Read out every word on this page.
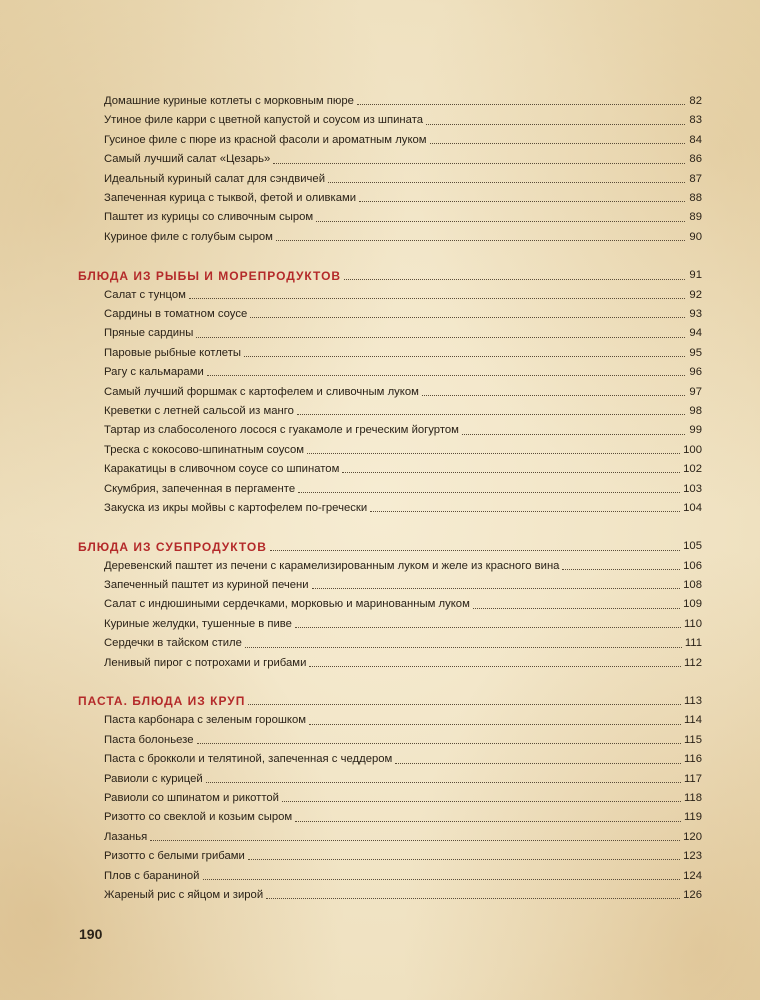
Домашние куриные котлеты с морковным пюре	82
Утиное филе карри с цветной капустой и соусом из шпината	83
Гусиное филе с пюре из красной фасоли и ароматным луком	84
Самый лучший салат «Цезарь»	86
Идеальный куриный салат для сэндвичей	87
Запеченная курица с тыквой, фетой и оливками	88
Паштет из курицы со сливочным сыром	89
Куриное филе с голубым сыром	90
БЛЮДА ИЗ РЫБЫ И МОРЕПРОДУКТОВ	91
Салат с тунцом	92
Сардины в томатном соусе	93
Пряные сардины	94
Паровые рыбные котлеты	95
Рагу с кальмарами	96
Самый лучший форшмак с картофелем и сливочным луком	97
Креветки с летней сальсой из манго	98
Тартар из слабосоленого лосося с гуакамоле и греческим йогуртом	99
Треска с кокосово-шпинатным соусом	100
Каракатицы в сливочном соусе со шпинатом	102
Скумбрия, запеченная в пергаменте	103
Закуска из икры мойвы с картофелем по-гречески	104
БЛЮДА ИЗ СУБПРОДУКТОВ	105
Деревенский паштет из печени с карамелизированным луком и желе из красного вина	106
Запеченный паштет из куриной печени	108
Салат с индюшиными сердечками, морковью и маринованным луком	109
Куриные желудки, тушенные в пиве	110
Сердечки в тайском стиле	111
Ленивый пирог с потрохами и грибами	112
ПАСТА. БЛЮДА ИЗ КРУП	113
Паста карбонара с зеленым горошком	114
Паста болоньезе	115
Паста с брокколи и телятиной, запеченная с чеддером	116
Равиоли с курицей	117
Равиоли со шпинатом и рикоттой	118
Ризотто со свеклой и козьим сыром	119
Лазанья	120
Ризотто с белыми грибами	123
Плов с бараниной	124
Жареный рис с яйцом и зирой	126
190
